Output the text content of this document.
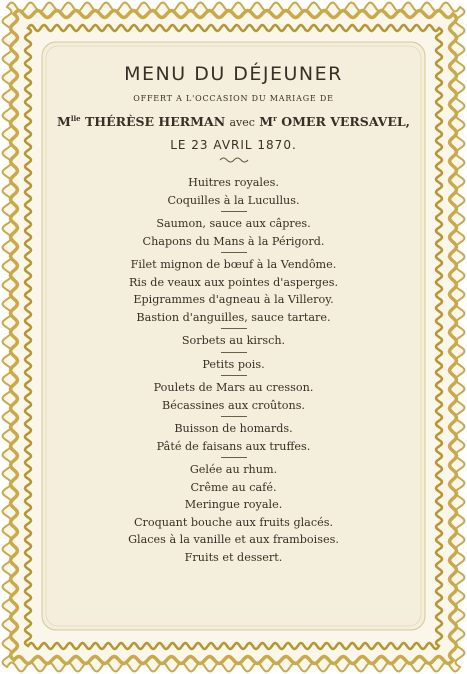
MENU DU DÉJEUNER
OFFERT A L'OCCASION DU MARIAGE DE
$M^{lle}$ THÉRÈSE HERMAN avec $M^r$ OMER VERSAVEL,
LE 23 AVRIL 1870.
Huitres royales.
Coquilles à la Lucullus.
Saumon, sauce aux câpres.
Chapons du Mans à la Périgord.
Filet mignon de bœuf à la Vendôme.
Ris de veaux aux pointes d'asperges.
Epigrammes d'agneau à la Villeroy.
Bastion d'anguilles, sauce tartare.
Sorbets au kirsch.
Petits pois.
Poulets de Mars au cresson.
Bécassines aux croûtons.
Buisson de homards.
Pâté de faisans aux truffes.
Gelée au rhum.
Crême au café.
Meringue royale.
Croquant bouche aux fruits glacés.
Glaces à la vanille et aux framboises.
Fruits et dessert.
